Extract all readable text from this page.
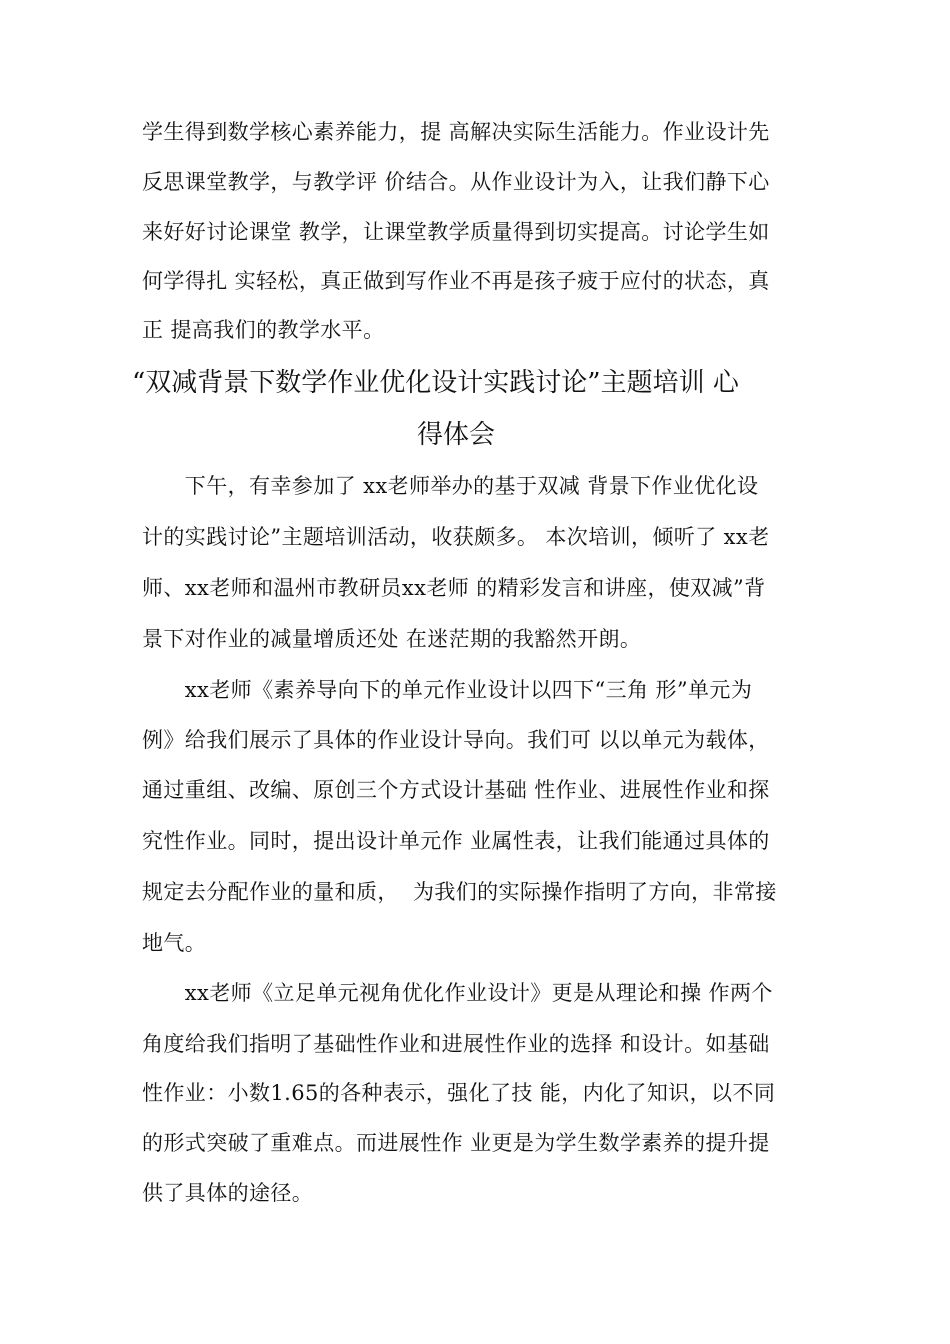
学生得到数学核心素养能力，提 高解决实际生活能力。作业设计先
反思课堂教学，与教学评 价结合。从作业设计为入，让我们静下心
来好好讨论课堂 教学，让课堂教学质量得到切实提高。讨论学生如
何学得扎 实轻松，真正做到写作业不再是孩子疲于应付的状态，真
正 提高我们的教学水平。
“双减背景下数学作业优化设计实践讨论”主题培训 心
得体会
　　下午，有幸参加了 xx老师举办的基于双减 背景下作业优化设
计的实践讨论”主题培训活动，收获颇多。 本次培训，倾听了 xx老
师、xx老师和温州市教研员xx老师 的精彩发言和讲座，使双减”背
景下对作业的减量增质还处 在迷茫期的我豁然开朗。
　　xx老师《素养导向下的单元作业设计以四下“三角 形”单元为
例》给我们展示了具体的作业设计导向。我们可 以以单元为载体，
通过重组、改编、原创三个方式设计基础 性作业、进展性作业和探
究性作业。同时，提出设计单元作 业属性表，让我们能通过具体的
规定去分配作业的量和质，  为我们的实际操作指明了方向，非常接
地气。
　　xx老师《立足单元视角优化作业设计》更是从理论和操 作两个
角度给我们指明了基础性作业和进展性作业的选择 和设计。如基础
性作业：小数1.65的各种表示，强化了技 能，内化了知识，以不同
的形式突破了重难点。而进展性作 业更是为学生数学素养的提升提
供了具体的途径。
